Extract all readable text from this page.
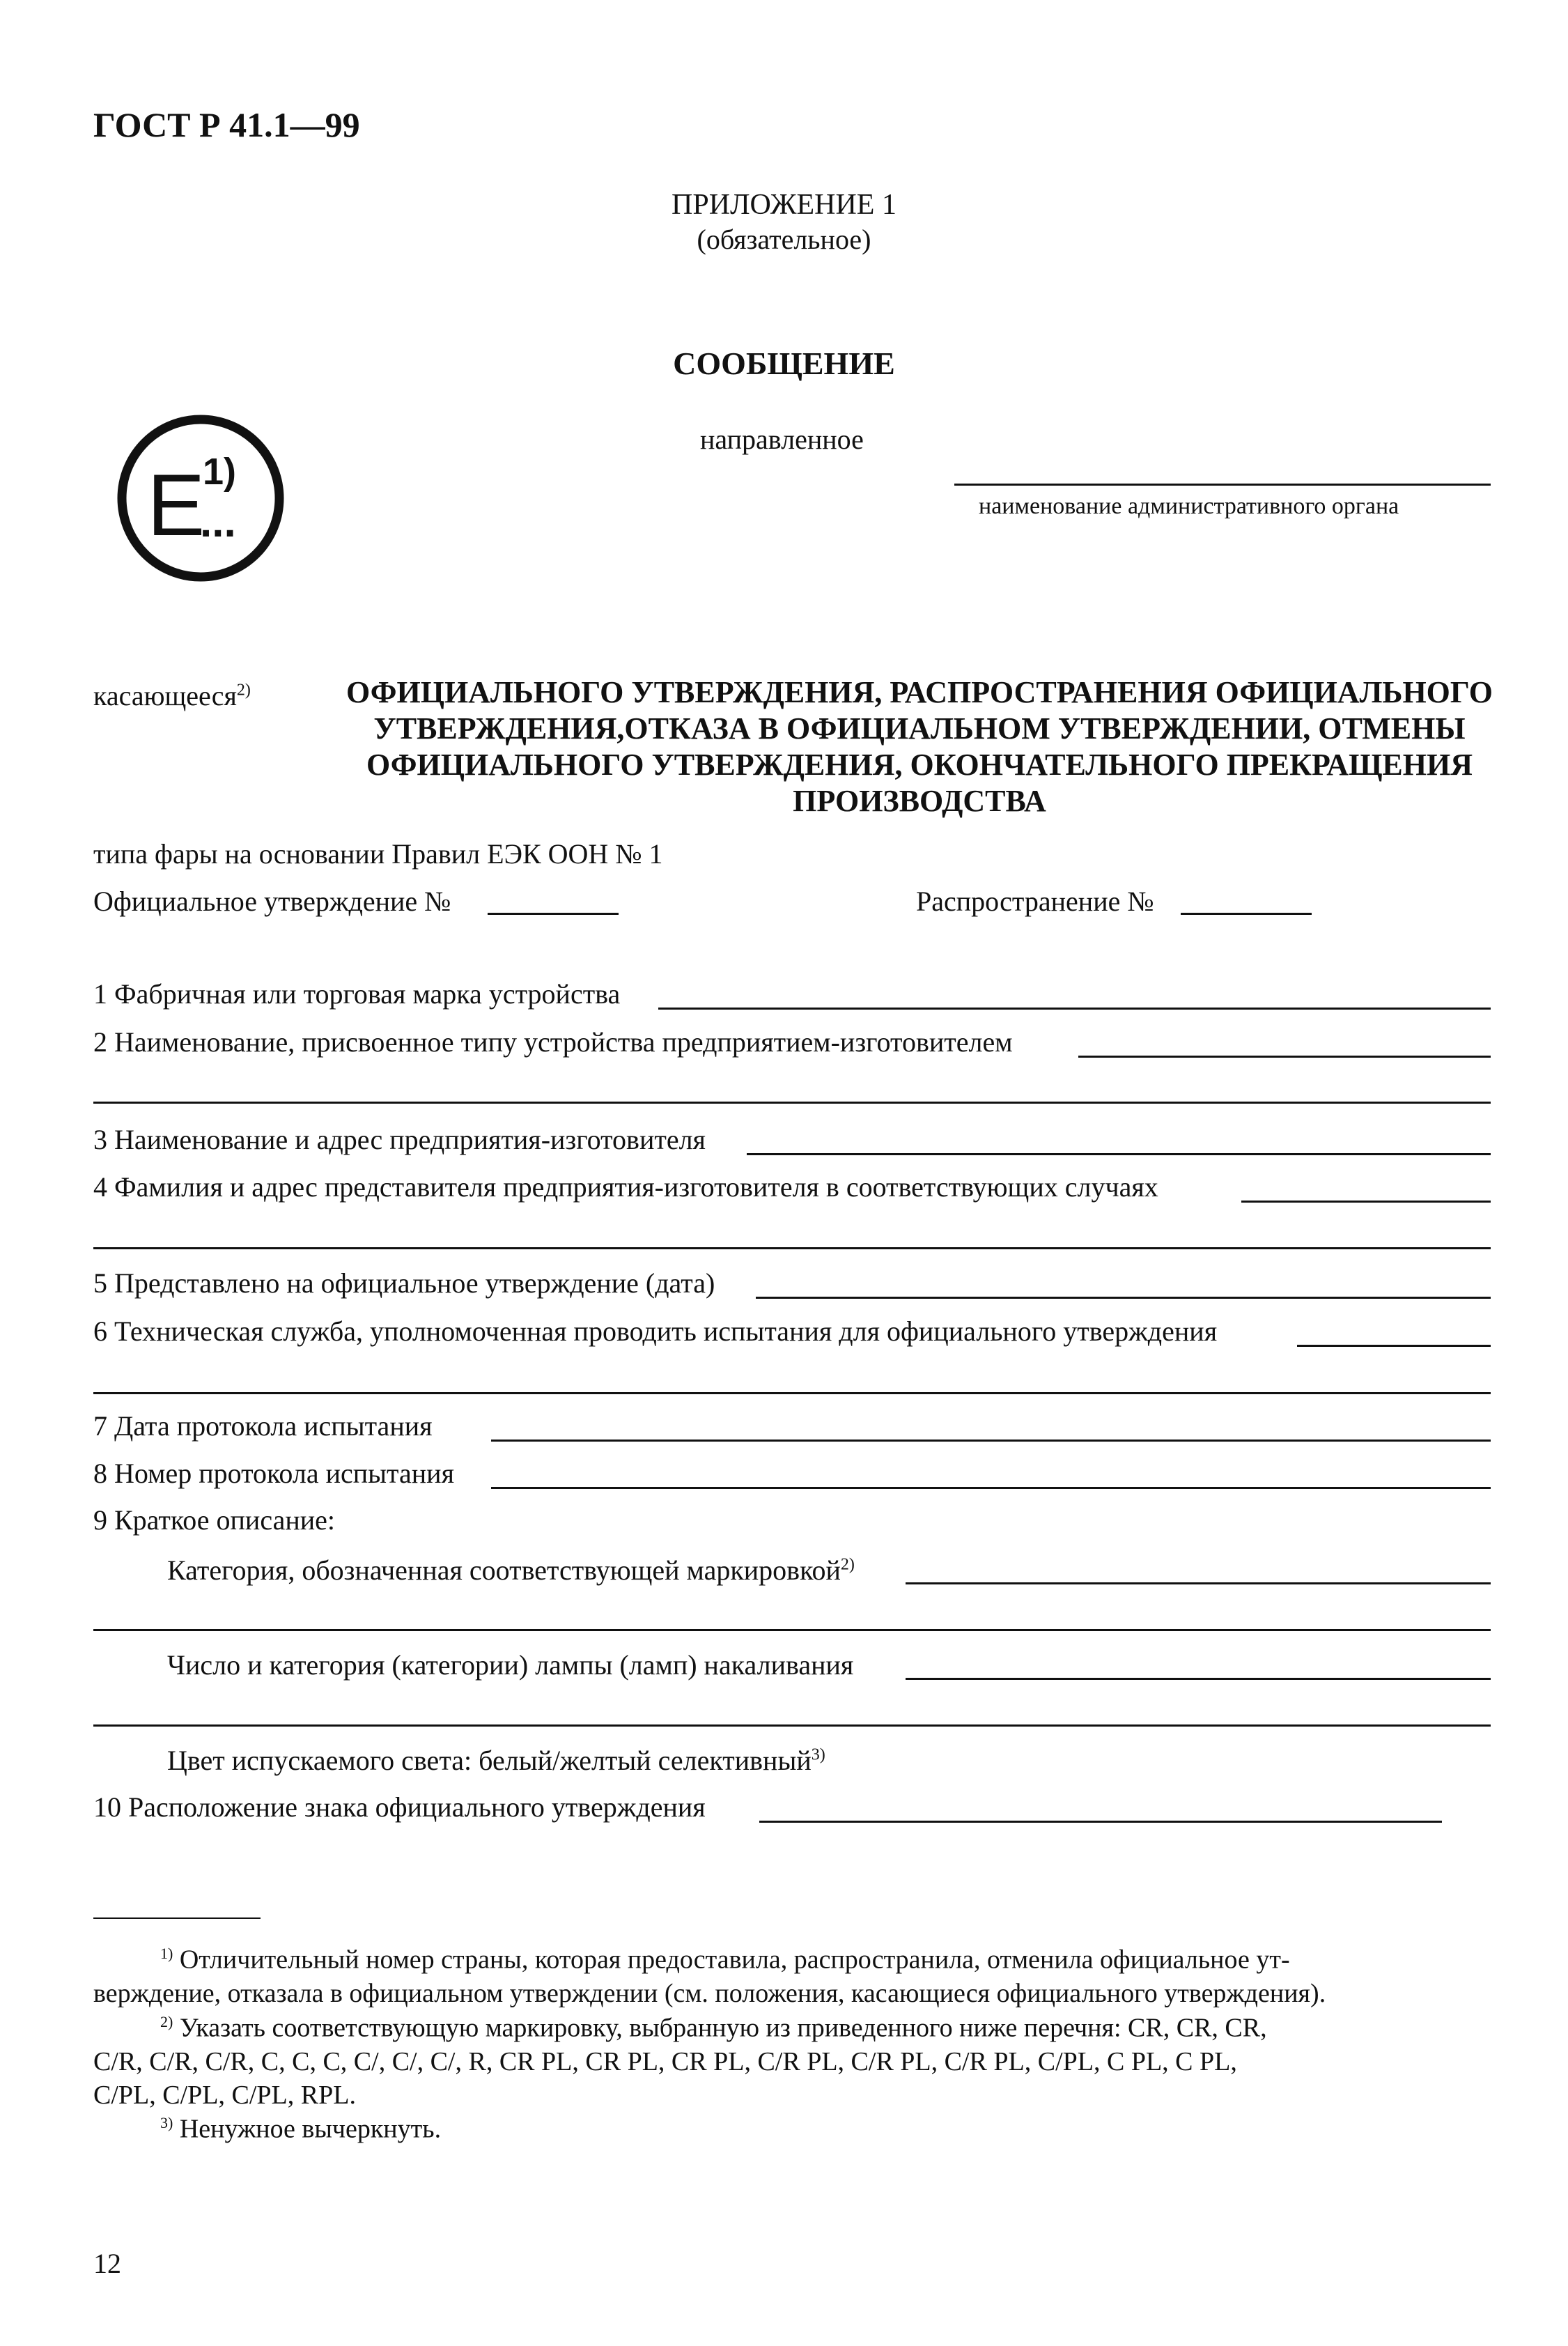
ГОСТ Р 41.1—99
ПРИЛОЖЕНИЕ 1
(обязательное)
СООБЩЕНИЕ
E
1)
...
направленное
наименование административного органа
касающееся$^{2)}$	ОФИЦИАЛЬНОГО УТВЕРЖДЕНИЯ, РАСПРОСТРАНЕНИЯ ОФИЦИАЛЬНОГО
УТВЕРЖДЕНИЯ,ОТКАЗА В ОФИЦИАЛЬНОМ УТВЕРЖДЕНИИ, ОТМЕНЫ
ОФИЦИАЛЬНОГО УТВЕРЖДЕНИЯ, ОКОНЧАТЕЛЬНОГО ПРЕКРАЩЕНИЯ
ПРОИЗВОДСТВА
типа фары на основании Правил ЕЭК ООН № 1
Официальное утверждение №	Распространение №
1 Фабричная или торговая марка устройства
2 Наименование, присвоенное типу устройства предприятием-изготовителем
3 Наименование и адрес предприятия-изготовителя
4 Фамилия и адрес представителя предприятия-изготовителя в соответствующих случаях
5 Представлено на официальное утверждение (дата)
6 Техническая служба, уполномоченная проводить испытания для официального утверждения
7 Дата протокола испытания
8 Номер протокола испытания
9 Краткое описание:
Категория, обозначенная соответствующей маркировкой$^{2)}$
Число и категория (категории) лампы (ламп) накаливания
Цвет испускаемого света: белый/желтый селективный$^{3)}$
10 Расположение знака официального утверждения
$^{1)}$ Отличительный номер страны, которая предоставила, распространила, отменила официальное ут-
верждение, отказала в официальном утверждении (см. положения, касающиеся официального утверждения).
$^{2)}$ Указать соответствующую маркировку, выбранную из приведенного ниже перечня: CR, CR, CR,
C/R, C/R, C/R, C, C, C, C/, C/, C/, R, CR PL, CR PL, CR PL, C/R PL, C/R PL, C/R PL, C/PL, C PL, C PL,
C/PL, C/PL, C/PL, RPL.
$^{3)}$ Ненужное вычеркнуть.
12
